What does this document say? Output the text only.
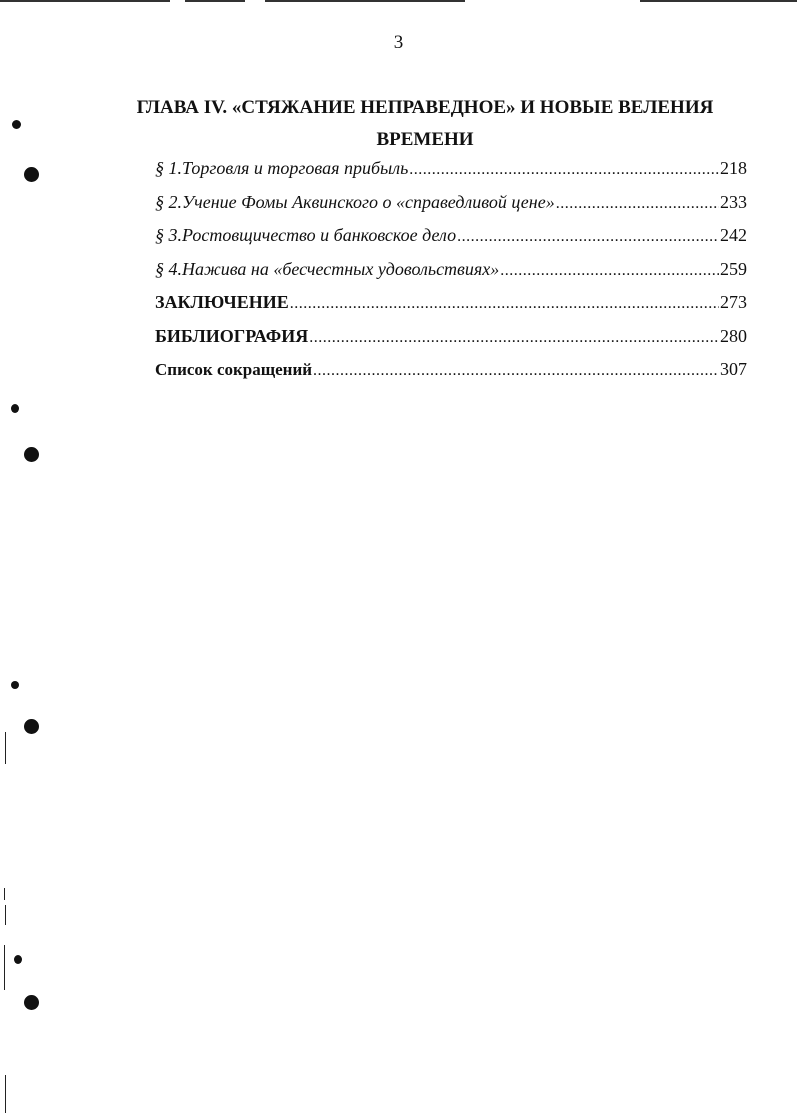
3
ГЛАВА IV. «СТЯЖАНИЕ НЕПРАВЕДНОЕ» И НОВЫЕ ВЕЛЕНИЯ
ВРЕМЕНИ
§ 1.Торговля и торговая прибыль .....	218
§ 2.Учение Фомы Аквинского о «справедливой цене» .....	233
§ 3.Ростовщичество и банковское дело .....	242
§ 4.Нажива на «бесчестных удовольствиях» .....	259
ЗАКЛЮЧЕНИЕ .....	273
БИБЛИОГРАФИЯ .....	280
Список сокращений .....	307
